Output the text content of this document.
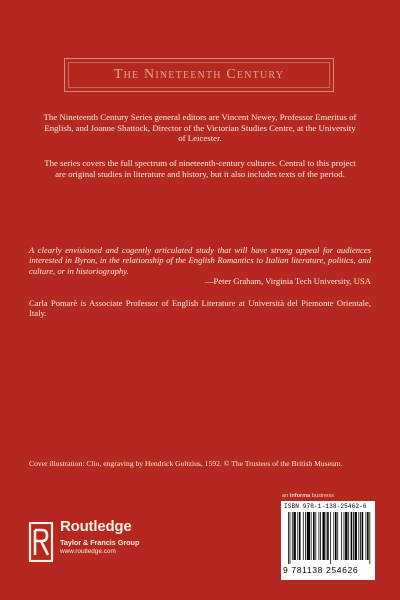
The Nineteenth Century
The Nineteenth Century Series general editors are Vincent Newey, Professor Emeritus of English, and Joanne Shattock, Director of the Victorian Studies Centre, at the University of Leicester.
The series covers the full spectrum of nineteenth-century cultures. Central to this project are original studies in literature and history, but it also includes texts of the period.
A clearly envisioned and cogently articulated study that will have strong appeal for audiences interested in Byron, in the relationship of the English Romantics to Italian literature, politics, and culture, or in historiography.
—Peter Graham, Virginia Tech University, USA
Carla Pomarè is Associate Professor of English Literature at Università del Piemonte Orientale, Italy.
Cover illustration: Clio, engraving by Hendrick Goltzius, 1592. © The Trustees of the British Museum.
Routledge
Taylor & Francis Group
www.routledge.com
an informa business
ISBN 978-1-138-25462-6
9 781138 254626
